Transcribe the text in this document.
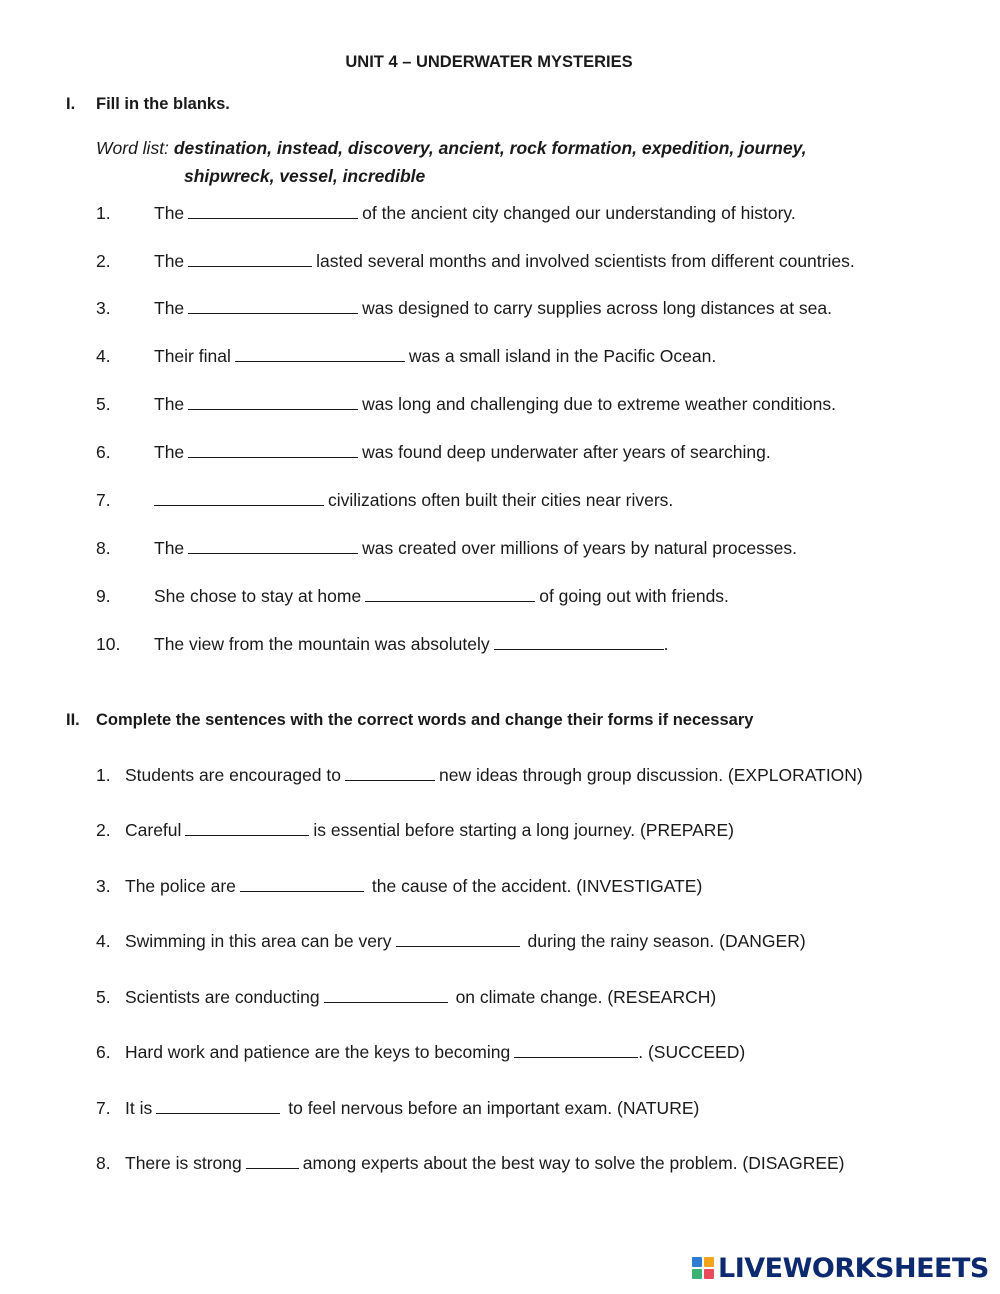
UNIT 4 – UNDERWATER MYSTERIES
I.	Fill in the blanks.
Word list: destination, instead, discovery, ancient, rock formation, expedition, journey,
shipwreck, vessel, incredible
1.	The	of the ancient city changed our understanding of history.
2.	The	lasted several months and involved scientists from different countries.
3.	The	was designed to carry supplies across long distances at sea.
4.	Their final	was a small island in the Pacific Ocean.
5.	The	was long and challenging due to extreme weather conditions.
6.	The	was found deep underwater after years of searching.
7.	civilizations often built their cities near rivers.
8.	The	was created over millions of years by natural processes.
9.	She chose to stay at home	of going out with friends.
10.	The view from the mountain was absolutely	.
II. Complete the sentences with the correct words and change their forms if necessary
1. Students are encouraged to	new ideas through group discussion. (EXPLORATION)
2. Careful	is essential before starting a long journey. (PREPARE)
3. The police are	the cause of the accident. (INVESTIGATE)
4. Swimming in this area can be very	during the rainy season. (DANGER)
5. Scientists are conducting	on climate change. (RESEARCH)
6. Hard work and patience are the keys to becoming	. (SUCCEED)
7. It is	to feel nervous before an important exam. (NATURE)
8. There is strong	among experts about the best way to solve the problem. (DISAGREE)
LIVEWORKSHEETS
